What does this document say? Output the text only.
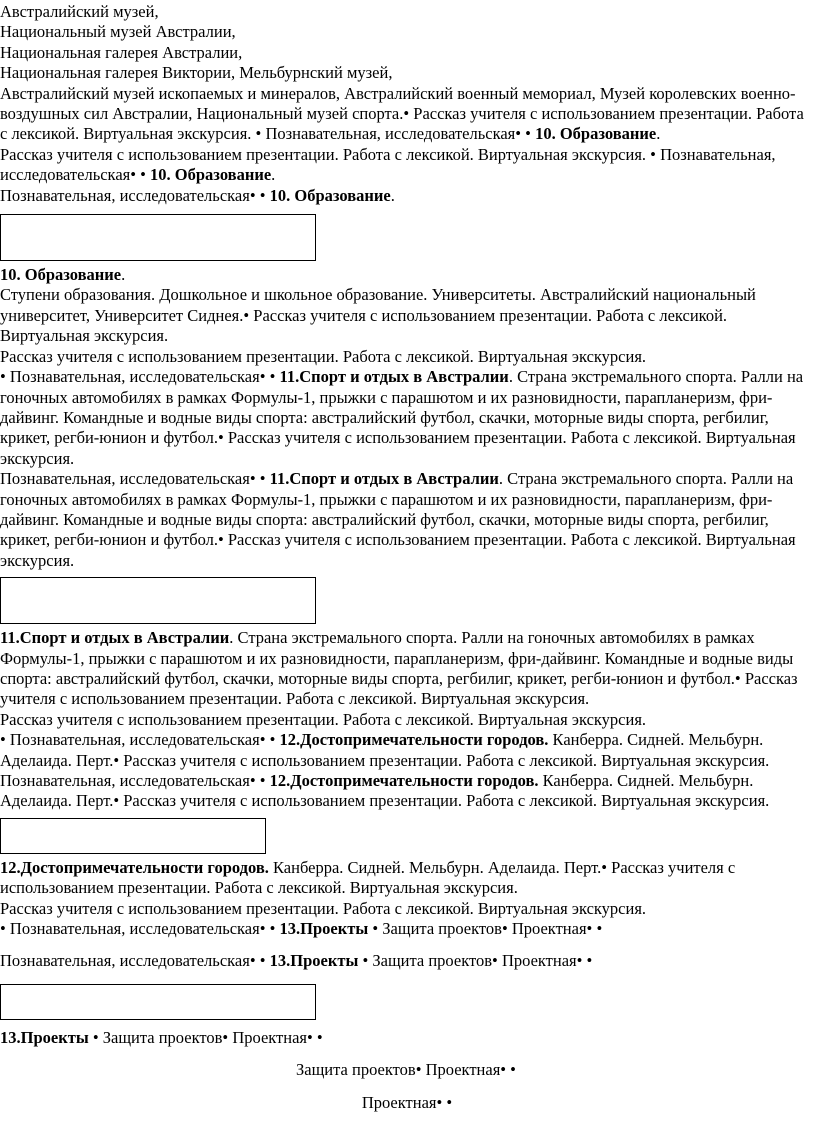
Австралийский музей,

Национальный музей Австралии,

Национальная галерея Австралии,

Национальная галерея Виктории, Мельбурнский музей,

Австралийский музей ископаемых и минералов, Австралийский военный мемориал, Музей королевских военно-воздушных сил Австралии, Национальный музей спорта.• Рассказ учителя с использованием презентации. Работа с лексикой. Виртуальная экскурсия. • Познавательная, исследовательская• • 10. Образование.

Рассказ учителя с использованием презентации. Работа с лексикой. Виртуальная экскурсия. • Познавательная, исследовательская• • 10. Образование.

Познавательная, исследовательская• • 10. Образование.

10. Образование.

Ступени образования. Дошкольное и школьное образование. Университеты. Австралийский национальный университет, Университет Сиднея.• Рассказ учителя с использованием презентации. Работа с лексикой. Виртуальная экскурсия.

Рассказ учителя с использованием презентации. Работа с лексикой. Виртуальная экскурсия.

• Познавательная, исследовательская• • 11.Спорт и отдых в Австралии. Страна экстремального спорта. Ралли на гоночных автомобилях в рамках Формулы-1, прыжки с парашютом и их разновидности, парапланеризм, фри-дайвинг. Командные и водные виды спорта: австралийский футбол, скачки, моторные виды спорта, регбилиг, крикет, регби-юнион и футбол.• Рассказ учителя с использованием презентации. Работа с лексикой. Виртуальная экскурсия.

Познавательная, исследовательская• • 11.Спорт и отдых в Австралии. Страна экстремального спорта. Ралли на гоночных автомобилях в рамках Формулы-1, прыжки с парашютом и их разновидности, парапланеризм, фри-дайвинг. Командные и водные виды спорта: австралийский футбол, скачки, моторные виды спорта, регбилиг, крикет, регби-юнион и футбол.• Рассказ учителя с использованием презентации. Работа с лексикой. Виртуальная экскурсия.

11.Спорт и отдых в Австралии. Страна экстремального спорта. Ралли на гоночных автомобилях в рамках Формулы-1, прыжки с парашютом и их разновидности, парапланеризм, фри-дайвинг. Командные и водные виды спорта: австралийский футбол, скачки, моторные виды спорта, регбилиг, крикет, регби-юнион и футбол.• Рассказ учителя с использованием презентации. Работа с лексикой. Виртуальная экскурсия.

Рассказ учителя с использованием презентации. Работа с лексикой. Виртуальная экскурсия.

• Познавательная, исследовательская• • 12.Достопримечательности городов. Канберра. Сидней. Мельбурн. Аделаида. Перт.• Рассказ учителя с использованием презентации. Работа с лексикой. Виртуальная экскурсия.

Познавательная, исследовательская• • 12.Достопримечательности городов. Канберра. Сидней. Мельбурн. Аделаида. Перт.• Рассказ учителя с использованием презентации. Работа с лексикой. Виртуальная экскурсия.

12.Достопримечательности городов. Канберра. Сидней. Мельбурн. Аделаида. Перт.• Рассказ учителя с использованием презентации. Работа с лексикой. Виртуальная экскурсия.

Рассказ учителя с использованием презентации. Работа с лексикой. Виртуальная экскурсия.

• Познавательная, исследовательская• • 13.Проекты • Защита проектов• Проектная• •

Познавательная, исследовательская• • 13.Проекты • Защита проектов• Проектная• •

13.Проекты • Защита проектов• Проектная• •

Защита проектов• Проектная• •

Проектная• •
